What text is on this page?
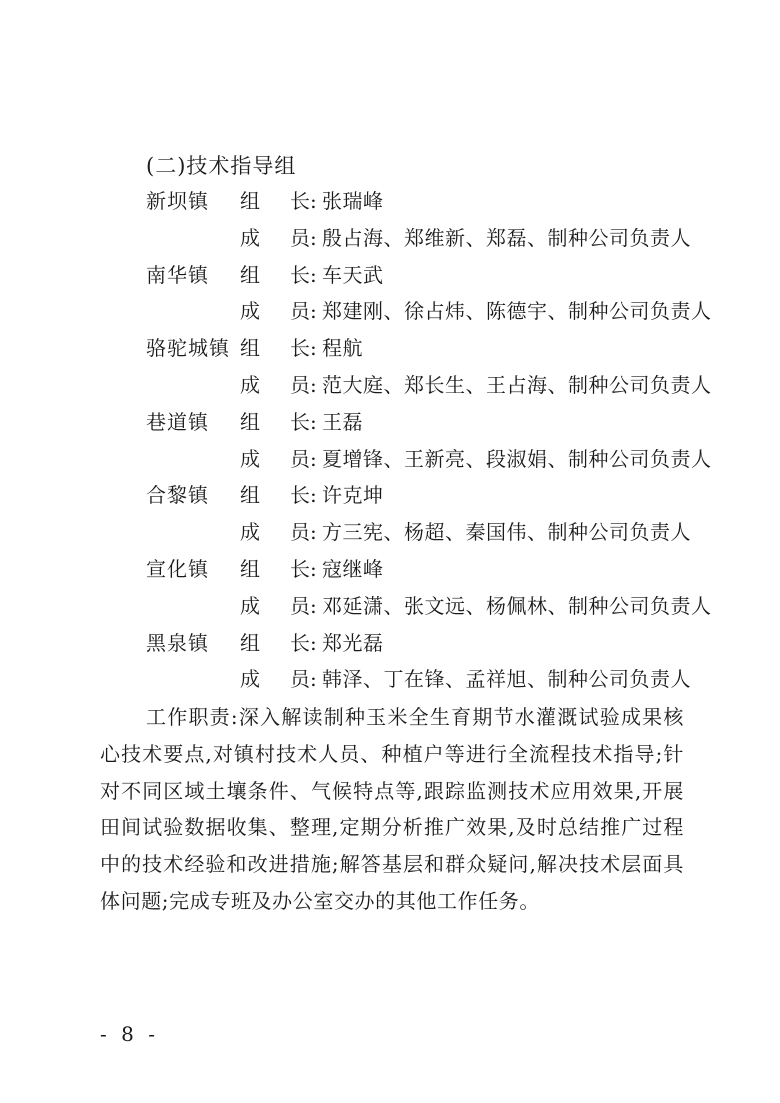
(二)技术指导组
新坝镇 组 长: 张瑞峰
成 员: 殷占海、郑维新、郑磊、制种公司负责人
南华镇 组 长: 车天武
成 员: 郑建刚、徐占炜、陈德宇、制种公司负责人
骆驼城镇 组 长: 程航
成 员: 范大庭、郑长生、王占海、制种公司负责人
巷道镇 组 长: 王磊
成 员: 夏增锋、王新亮、段淑娟、制种公司负责人
合黎镇 组 长: 许克坤
成 员: 方三宪、杨超、秦国伟、制种公司负责人
宣化镇 组 长: 寇继峰
成 员: 邓延潇、张文远、杨佩林、制种公司负责人
黑泉镇 组 长: 郑光磊
成 员: 韩泽、丁在锋、孟祥旭、制种公司负责人

工作职责:深入解读制种玉米全生育期节水灌溉试验成果核心技术要点,对镇村技术人员、种植户等进行全流程技术指导;针对不同区域土壤条件、气候特点等,跟踪监测技术应用效果,开展田间试验数据收集、整理,定期分析推广效果,及时总结推广过程中的技术经验和改进措施;解答基层和群众疑问,解决技术层面具体问题;完成专班及办公室交办的其他工作任务。

- 8 -
